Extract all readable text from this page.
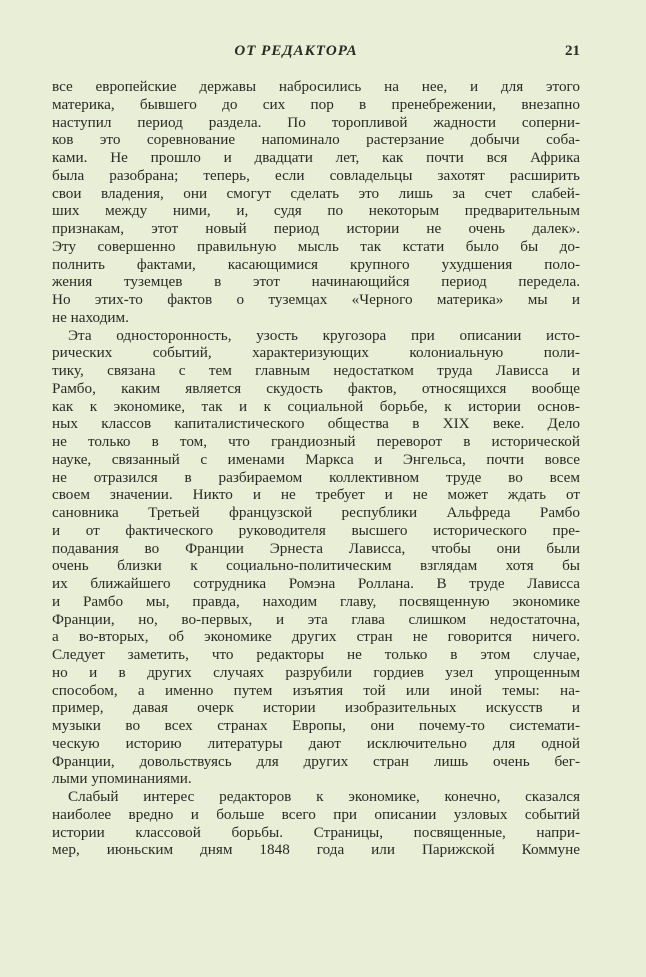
ОТ РЕДАКТОРА	21
все европейские державы набросились на нее, и для этого
материка, бывшего до сих пор в пренебрежении, внезапно
наступил период раздела. По торопливой жадности соперни-
ков это соревнование напоминало растерзание добычи соба-
ками. Не прошло и двадцати лет, как почти вся Африка
была разобрана; теперь, если совладельцы захотят расширить
свои владения, они смогут сделать это лишь за счет слабей-
ших между ними, и, судя по некоторым предварительным
признакам, этот новый период истории не очень далек».
Эту совершенно правильную мысль так кстати было бы до-
полнить фактами, касающимися крупного ухудшения поло-
жения туземцев в этот начинающийся период передела.
Но этих-то фактов о туземцах «Черного материка» мы и
не находим.
Эта односторонность, узость кругозора при описании исто-
рических событий, характеризующих колониальную поли-
тику, связана с тем главным недостатком труда Лависса и
Рамбо, каким является скудость фактов, относящихся вообще
как к экономике, так и к социальной борьбе, к истории основ-
ных классов капиталистического общества в XIX веке. Дело
не только в том, что грандиозный переворот в исторической
науке, связанный с именами Маркса и Энгельса, почти вовсе
не отразился в разбираемом коллективном труде во всем
своем значении. Никто и не требует и не может ждать от
сановника Третьей французской республики Альфреда Рамбо
и от фактического руководителя высшего исторического пре-
подавания во Франции Эрнеста Лависса, чтобы они были
очень близки к социально-политическим взглядам хотя бы
их ближайшего сотрудника Ромэна Роллана. В труде Лависса
и Рамбо мы, правда, находим главу, посвященную экономике
Франции, но, во-первых, и эта глава слишком недостаточна,
а во-вторых, об экономике других стран не говорится ничего.
Следует заметить, что редакторы не только в этом случае,
но и в других случаях разрубили гордиев узел упрощенным
способом, а именно путем изъятия той или иной темы: на-
пример, давая очерк истории изобразительных искусств и
музыки во всех странах Европы, они почему-то системати-
ческую историю литературы дают исключительно для одной
Франции, довольствуясь для других стран лишь очень бег-
лыми упоминаниями.
Слабый интерес редакторов к экономике, конечно, сказался
наиболее вредно и больше всего при описании узловых событий
истории классовой борьбы. Страницы, посвященные, напри-
мер, июньским дням 1848 года или Парижской Коммуне
